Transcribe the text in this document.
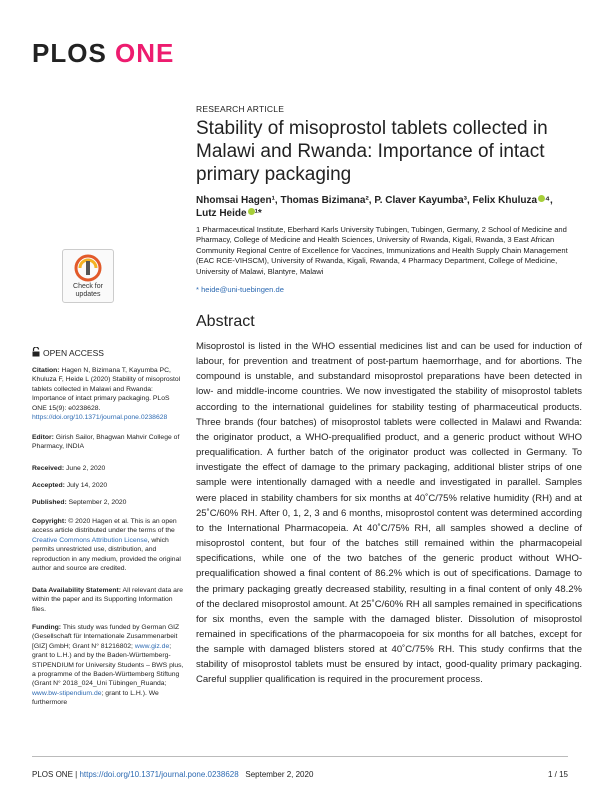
PLOS ONE
RESEARCH ARTICLE
Stability of misoprostol tablets collected in Malawi and Rwanda: Importance of intact primary packaging
Nhomsai Hagen¹, Thomas Bizimana², P. Claver Kayumba³, Felix Khuluza ⁴,
Lutz Heide ¹*
1 Pharmaceutical Institute, Eberhard Karls University Tubingen, Tubingen, Germany, 2 School of Medicine and Pharmacy, College of Medicine and Health Sciences, University of Rwanda, Kigali, Rwanda, 3 East African Community Regional Centre of Excellence for Vaccines, Immunizations and Health Supply Chain Management (EAC RCE-VIHSCM), University of Rwanda, Kigali, Rwanda, 4 Pharmacy Department, College of Medicine, University of Malawi, Blantyre, Malawi
* heide@uni-tuebingen.de
Abstract
Misoprostol is listed in the WHO essential medicines list and can be used for induction of labour, for prevention and treatment of post-partum haemorrhage, and for abortions. The compound is unstable, and substandard misoprostol preparations have been detected in low- and middle-income countries. We now investigated the stability of misoprostol tablets according to the international guidelines for stability testing of pharmaceutical products. Three brands (four batches) of misoprostol tablets were collected in Malawi and Rwanda: the originator product, a WHO-prequalified product, and a generic product without WHO prequalification. A further batch of the originator product was collected in Germany. To investigate the effect of damage to the primary packaging, additional blister strips of one sample were intentionally damaged with a needle and investigated in parallel. Samples were placed in stability chambers for six months at 40˚C/75% relative humidity (RH) and at 25˚C/60% RH. After 0, 1, 2, 3 and 6 months, misoprostol content was determined according to the International Pharmacopeia. At 40˚C/75% RH, all samples showed a decline of misoprostol content, but four of the batches still remained within the pharmacopeial specifications, while one of the two batches of the generic product without WHO-prequalification showed a final content of 86.2% which is out of specifications. Damage to the primary packaging greatly decreased stability, resulting in a final content of only 48.2% of the declared misoprostol amount. At 25˚C/60% RH all samples remained in specifications for six months, even the sample with the damaged blister. Dissolution of misoprostol remained in specifications of the pharmacopoeia for six months for all batches, except for the sample with damaged blisters stored at 40˚C/75% RH. This study confirms that the stability of misoprostol tablets must be ensured by intact, good-quality primary packaging. Careful supplier qualification is required in the procurement process.
Check for
updates
OPEN ACCESS
Citation: Hagen N, Bizimana T, Kayumba PC, Khuluza F, Heide L (2020) Stability of misoprostol tablets collected in Malawi and Rwanda: Importance of intact primary packaging. PLoS ONE 15(9): e0238628. https://doi.org/10.1371/journal.pone.0238628
Editor: Girish Sailor, Bhagwan Mahvir College of Pharmacy, INDIA
Received: June 2, 2020
Accepted: July 14, 2020
Published: September 2, 2020
Copyright: © 2020 Hagen et al. This is an open access article distributed under the terms of the Creative Commons Attribution License, which permits unrestricted use, distribution, and reproduction in any medium, provided the original author and source are credited.
Data Availability Statement: All relevant data are within the paper and its Supporting Information files.
Funding: This study was funded by German GIZ (Gesellschaft für Internationale Zusammenarbeit [GIZ] GmbH; Grant N° 81216802; www.giz.de; grant to L.H.) and by the Baden-Württemberg-STIPENDIUM for University Students – BWS plus, a programme of the Baden-Württemberg Stiftung (Grant N° 2018_024_Uni Tübingen_Ruanda; www.bw-stipendium.de; grant to L.H.). We furthermore
PLOS ONE | https://doi.org/10.1371/journal.pone.0238628 September 2, 2020	1 / 15
